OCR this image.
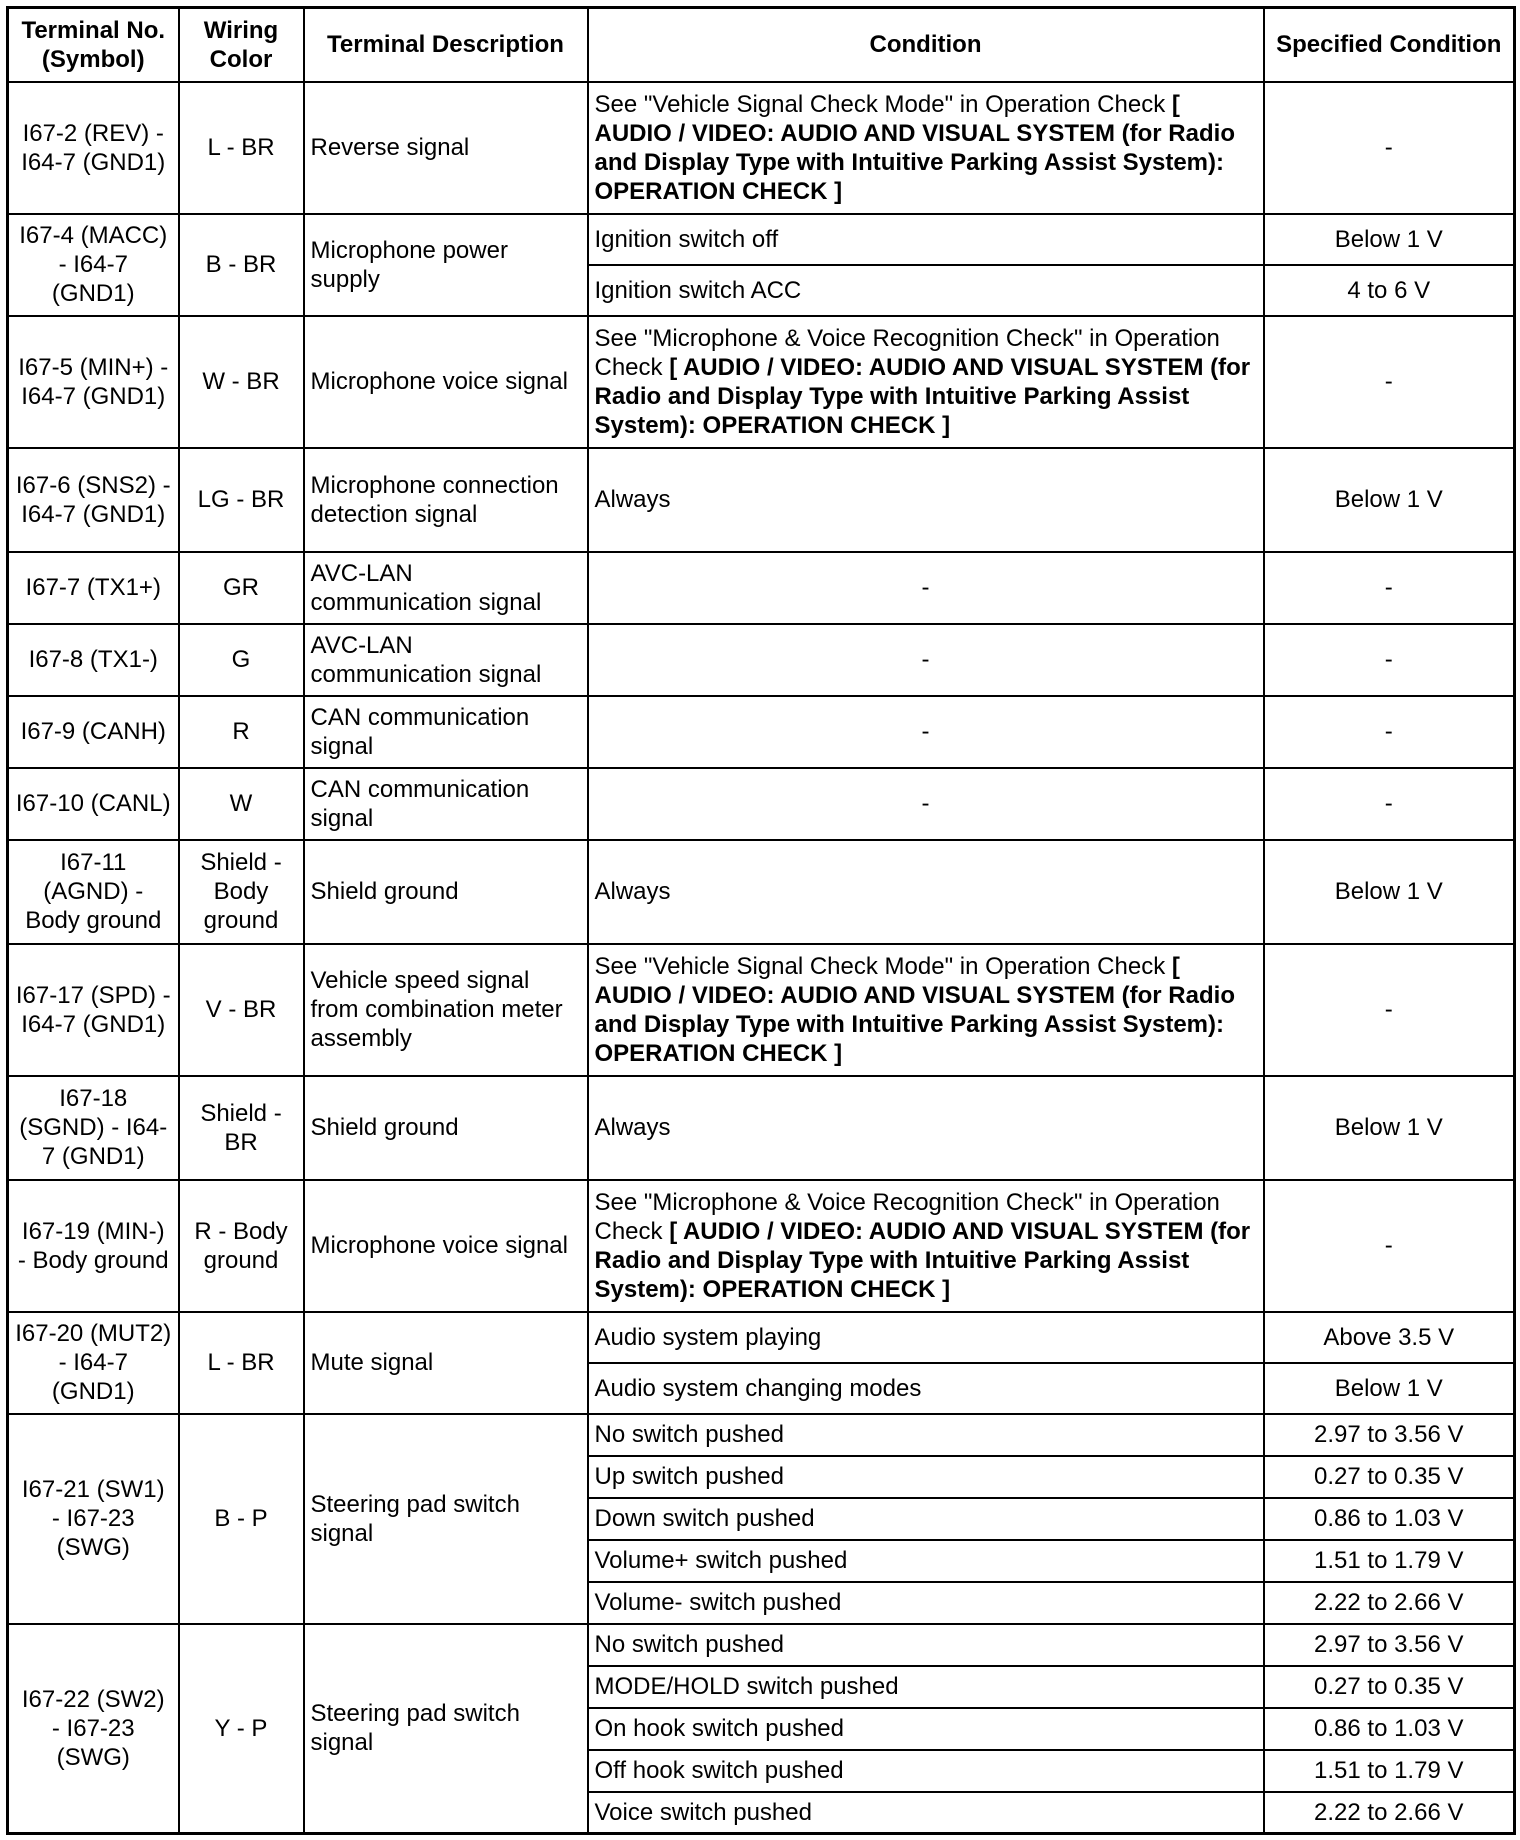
Terminal No. (Symbol)	Wiring Color	Terminal Description	Condition	Specified Condition
I67-2 (REV) - I64-7 (GND1)	L - BR	Reverse signal	See "Vehicle Signal Check Mode" in Operation Check [ AUDIO / VIDEO: AUDIO AND VISUAL SYSTEM (for Radio and Display Type with Intuitive Parking Assist System): OPERATION CHECK ]	-
I67-4 (MACC) - I64-7 (GND1)	B - BR	Microphone power supply	Ignition switch off	Below 1 V
			Ignition switch ACC	4 to 6 V
I67-5 (MIN+) - I64-7 (GND1)	W - BR	Microphone voice signal	See "Microphone & Voice Recognition Check" in Operation Check [ AUDIO / VIDEO: AUDIO AND VISUAL SYSTEM (for Radio and Display Type with Intuitive Parking Assist System): OPERATION CHECK ]	-
I67-6 (SNS2) - I64-7 (GND1)	LG - BR	Microphone connection detection signal	Always	Below 1 V
I67-7 (TX1+)	GR	AVC-LAN communication signal	-	-
I67-8 (TX1-)	G	AVC-LAN communication signal	-	-
I67-9 (CANH)	R	CAN communication signal	-	-
I67-10 (CANL)	W	CAN communication signal	-	-
I67-11 (AGND) - Body ground	Shield - Body ground	Shield ground	Always	Below 1 V
I67-17 (SPD) - I64-7 (GND1)	V - BR	Vehicle speed signal from combination meter assembly	See "Vehicle Signal Check Mode" in Operation Check [ AUDIO / VIDEO: AUDIO AND VISUAL SYSTEM (for Radio and Display Type with Intuitive Parking Assist System): OPERATION CHECK ]	-
I67-18 (SGND) - I64-7 (GND1)	Shield - BR	Shield ground	Always	Below 1 V
I67-19 (MIN-) - Body ground	R - Body ground	Microphone voice signal	See "Microphone & Voice Recognition Check" in Operation Check [ AUDIO / VIDEO: AUDIO AND VISUAL SYSTEM (for Radio and Display Type with Intuitive Parking Assist System): OPERATION CHECK ]	-
I67-20 (MUT2) - I64-7 (GND1)	L - BR	Mute signal	Audio system playing	Above 3.5 V
			Audio system changing modes	Below 1 V
I67-21 (SW1) - I67-23 (SWG)	B - P	Steering pad switch signal	No switch pushed	2.97 to 3.56 V
			Up switch pushed	0.27 to 0.35 V
			Down switch pushed	0.86 to 1.03 V
			Volume+ switch pushed	1.51 to 1.79 V
			Volume- switch pushed	2.22 to 2.66 V
I67-22 (SW2) - I67-23 (SWG)	Y - P	Steering pad switch signal	No switch pushed	2.97 to 3.56 V
			MODE/HOLD switch pushed	0.27 to 0.35 V
			On hook switch pushed	0.86 to 1.03 V
			Off hook switch pushed	1.51 to 1.79 V
			Voice switch pushed	2.22 to 2.66 V
